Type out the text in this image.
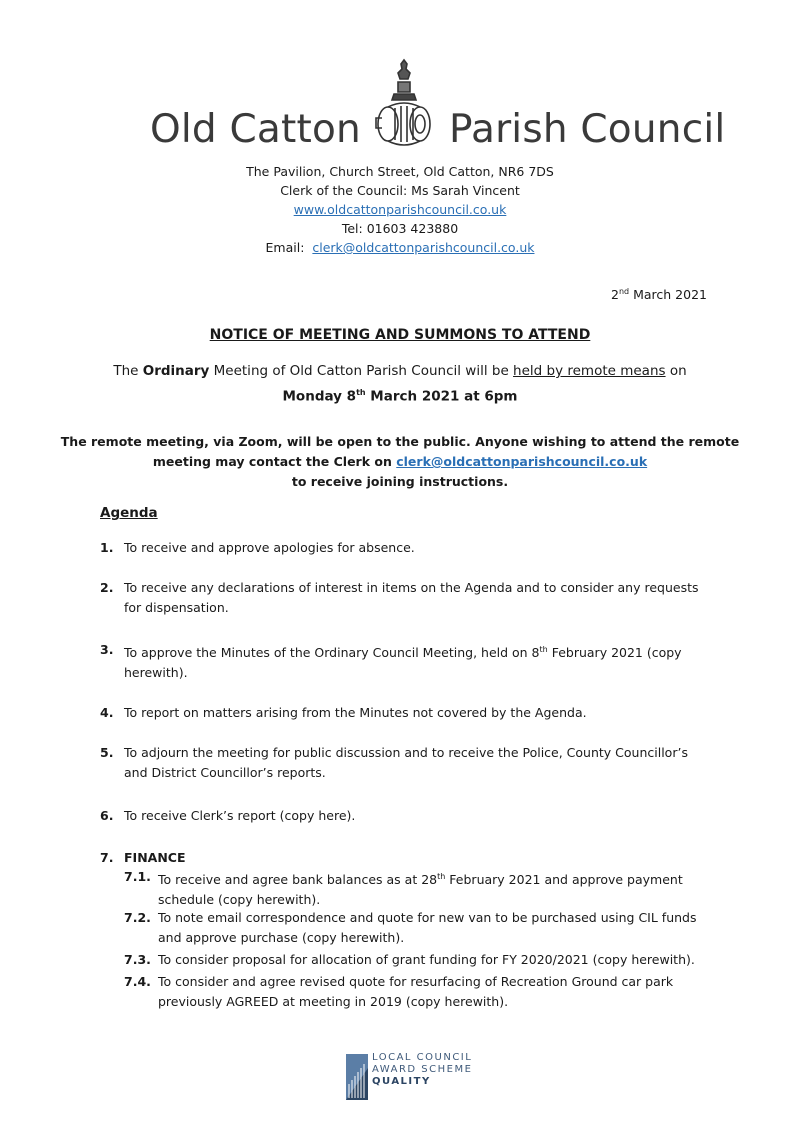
Old Catton Parish Council
The Pavilion, Church Street, Old Catton, NR6 7DS
Clerk of the Council: Ms Sarah Vincent
www.oldcattonparishcouncil.co.uk
Tel: 01603 423880
Email: clerk@oldcattonparishcouncil.co.uk
2nd March 2021
NOTICE OF MEETING AND SUMMONS TO ATTEND
The Ordinary Meeting of Old Catton Parish Council will be held by remote means on
Monday 8th March 2021 at 6pm
The remote meeting, via Zoom, will be open to the public. Anyone wishing to attend the remote
meeting may contact the Clerk on clerk@oldcattonparishcouncil.co.uk
to receive joining instructions.
Agenda
1. To receive and approve apologies for absence.
2. To receive any declarations of interest in items on the Agenda and to consider any requests for dispensation.
3. To approve the Minutes of the Ordinary Council Meeting, held on 8th February 2021 (copy herewith).
4. To report on matters arising from the Minutes not covered by the Agenda.
5. To adjourn the meeting for public discussion and to receive the Police, County Councillor’s and District Councillor’s reports.
6. To receive Clerk’s report (copy here).
7. FINANCE
7.1. To receive and agree bank balances as at 28th February 2021 and approve payment schedule (copy herewith).
7.2. To note email correspondence and quote for new van to be purchased using CIL funds and approve purchase (copy herewith).
7.3. To consider proposal for allocation of grant funding for FY 2020/2021 (copy herewith).
7.4. To consider and agree revised quote for resurfacing of Recreation Ground car park previously AGREED at meeting in 2019 (copy herewith).
LOCAL COUNCIL
AWARD SCHEME
QUALITY
